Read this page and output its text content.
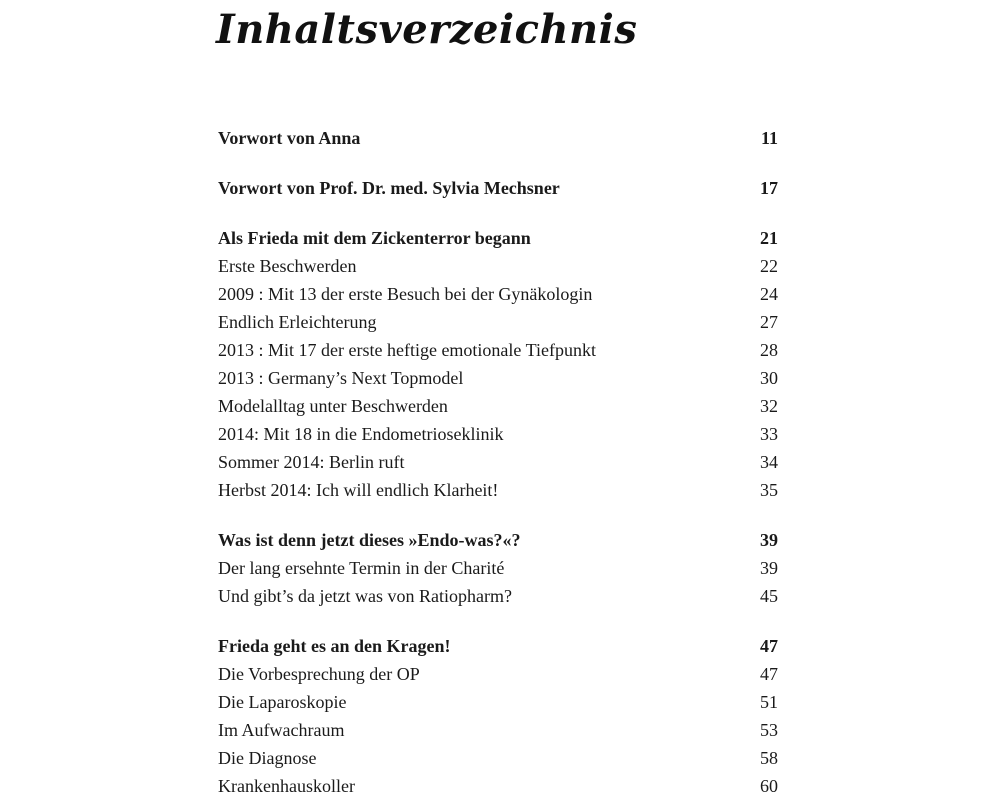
Inhaltsverzeichnis
Vorwort von Anna	11
Vorwort von Prof. Dr. med. Sylvia Mechsner	17
Als Frieda mit dem Zickenterror begann	21
Erste Beschwerden	22
2009 : Mit 13 der erste Besuch bei der Gynäkologin	24
Endlich Erleichterung	27
2013 : Mit 17 der erste heftige emotionale Tiefpunkt	28
2013 : Germany’s Next Topmodel	30
Modelalltag unter Beschwerden	32
2014: Mit 18 in die Endometrioseklinik	33
Sommer 2014: Berlin ruft	34
Herbst 2014: Ich will endlich Klarheit!	35
Was ist denn jetzt dieses »Endo-was?«?	39
Der lang ersehnte Termin in der Charité	39
Und gibt’s da jetzt was von Ratiopharm?	45
Frieda geht es an den Kragen!	47
Die Vorbesprechung der OP	47
Die Laparoskopie	51
Im Aufwachraum	53
Die Diagnose	58
Krankenhauskoller	60
